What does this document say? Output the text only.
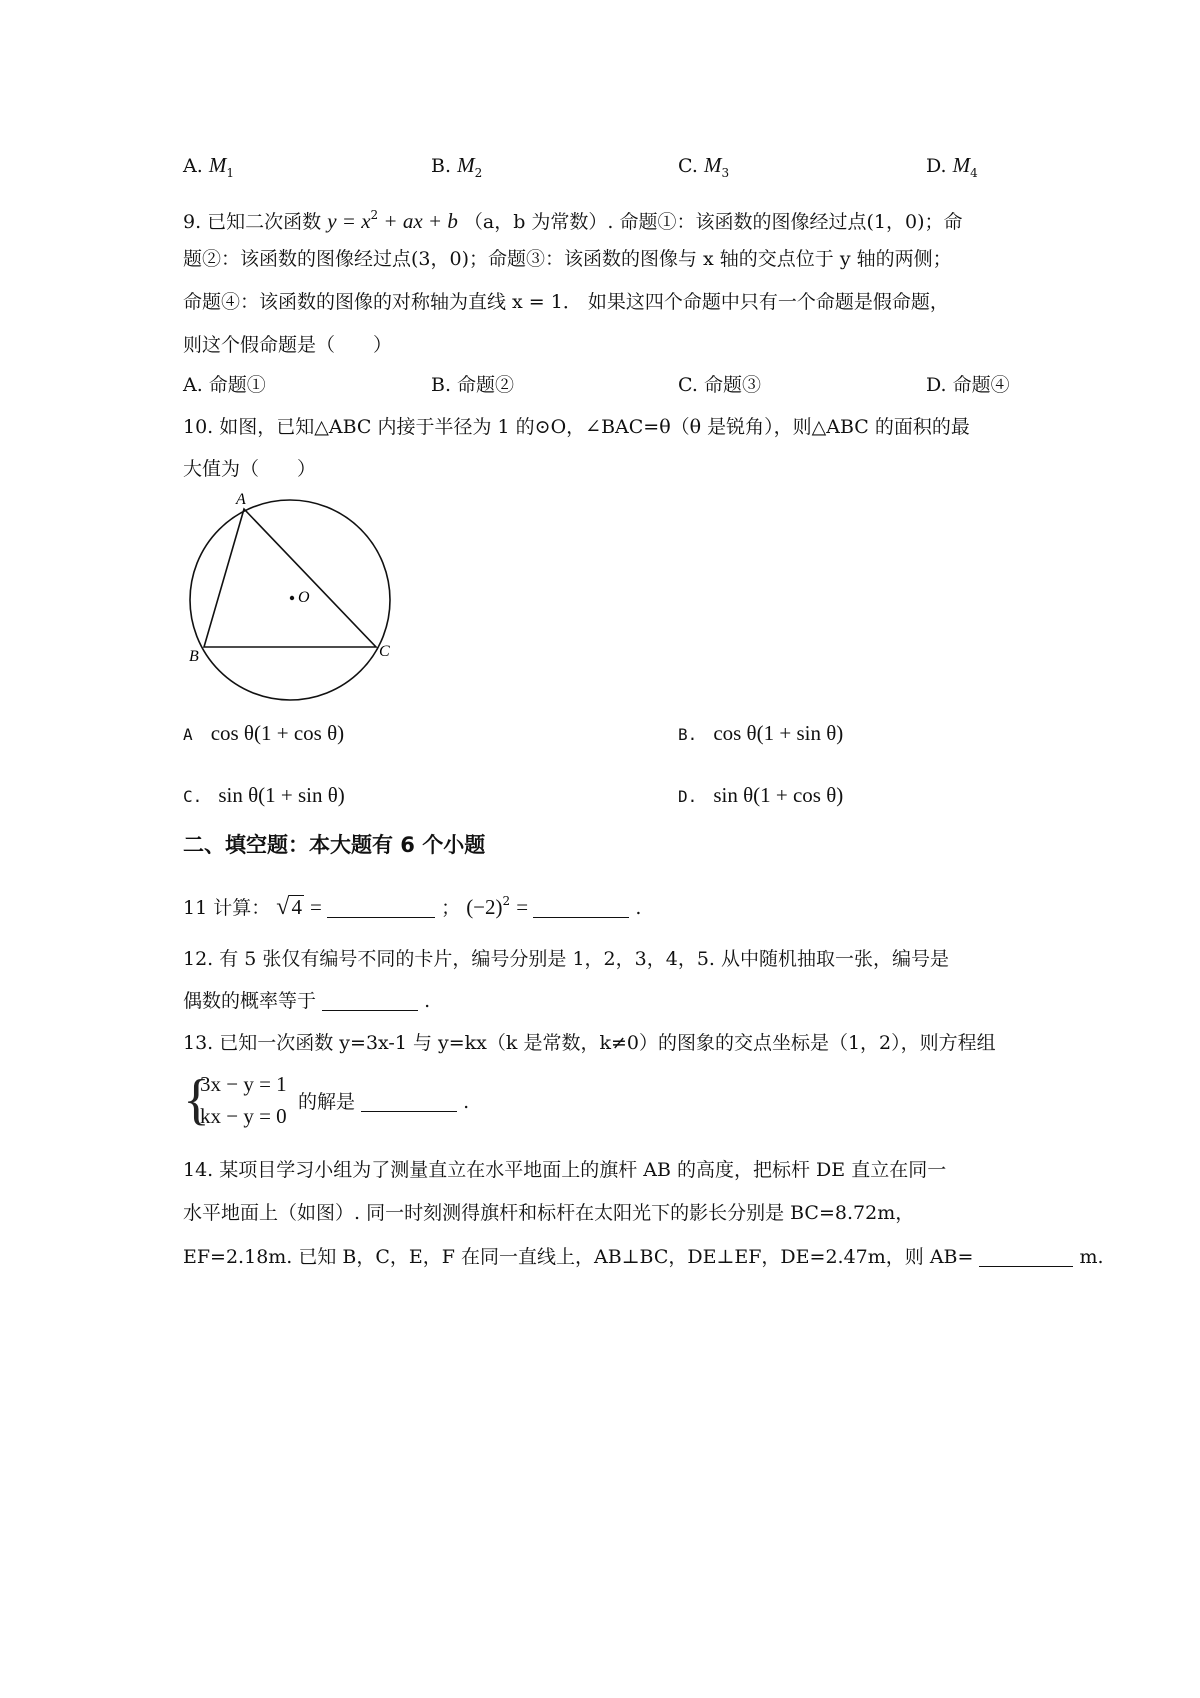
A. $M_1$	B. $M_2$	C. $M_3$	D. $M_4$
9. 已知二次函数 $y = x^2$ + ax + b （a，b 为常数）. 命题①：该函数的图像经过点(1，0)；命
题②：该函数的图像经过点(3，0)；命题③：该函数的图像与 x 轴的交点位于 y 轴的两侧；
命题④：该函数的图像的对称轴为直线 x = 1． 如果这四个命题中只有一个命题是假命题，
则这个假命题是（　　）
A. 命题①	B. 命题②	C. 命题③	D. 命题④
10. 如图，已知△ABC 内接于半径为 1 的⊙O，∠BAC=θ（θ 是锐角），则△ABC 的面积的最
大值为（　　）
A
B	C
O
A cos θ(1 + cos θ)	B. cos θ(1 + sin θ)
C. sin θ(1 + sin θ)	D. sin θ(1 + cos θ)
二、填空题：本大题有 6 个小题
11 计算： √4 =	； $(-2)^2$ =	.
12. 有 5 张仅有编号不同的卡片，编号分别是 1，2，3，4，5. 从中随机抽取一张，编号是
偶数的概率等于	.
13. 已知一次函数 y=3x-1 与 y=kx（k 是常数，k≠0）的图象的交点坐标是（1，2），则方程组
{
3x − y = 1
kx − y = 0
的解是	.
14. 某项目学习小组为了测量直立在水平地面上的旗杆 AB 的高度，把标杆 DE 直立在同一
水平地面上（如图）. 同一时刻测得旗杆和标杆在太阳光下的影长分别是 BC=8.72m，
EF=2.18m. 已知 B，C，E，F 在同一直线上，AB⊥BC，DE⊥EF，DE=2.47m，则 AB=	m.
